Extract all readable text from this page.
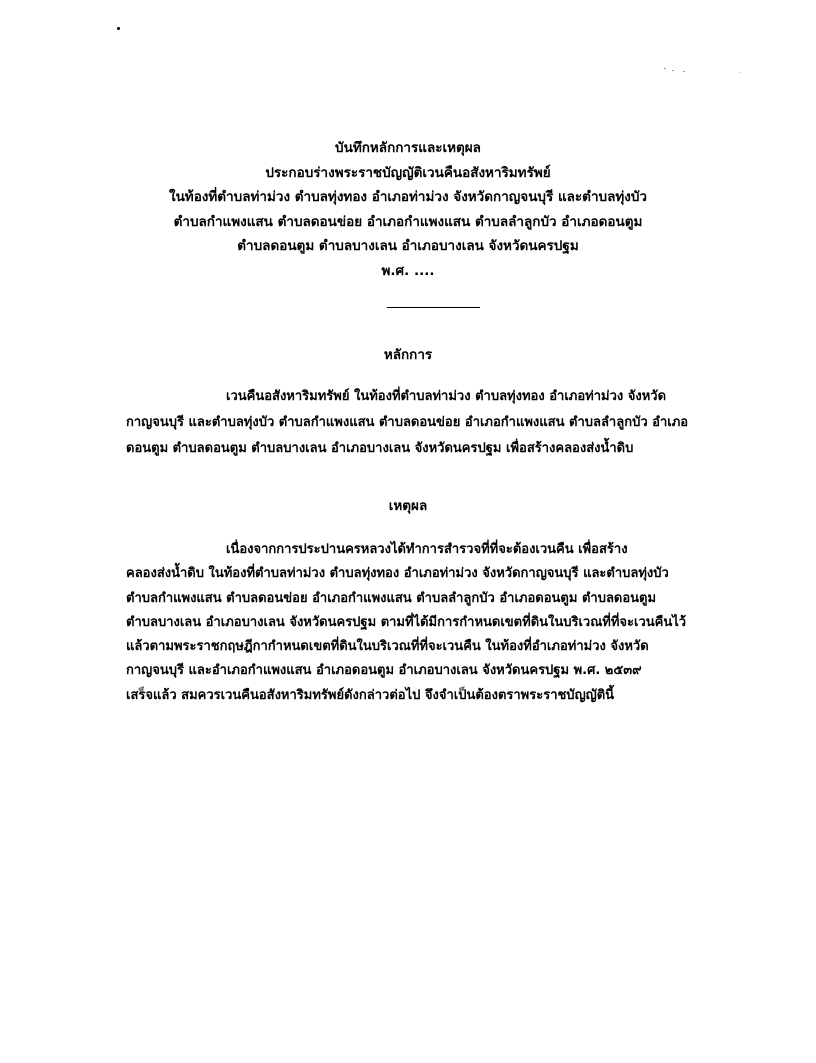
บันทึกหลักการและเหตุผล
ประกอบร่างพระราชบัญญัติเวนคืนอสังหาริมทรัพย์
ในท้องที่ตำบลท่าม่วง ตำบลทุ่งทอง อำเภอท่าม่วง จังหวัดกาญจนบุรี และตำบลทุ่งบัว
ตำบลกำแพงแสน ตำบลดอนข่อย อำเภอกำแพงแสน ตำบลลำลูกบัว อำเภอดอนตูม
ตำบลดอนตูม ตำบลบางเลน อำเภอบางเลน จังหวัดนครปฐม
พ.ศ. ....
หลักการ
เวนคืนอสังหาริมทรัพย์ ในท้องที่ตำบลท่าม่วง ตำบลทุ่งทอง อำเภอท่าม่วง จังหวัด
กาญจนบุรี และตำบลทุ่งบัว ตำบลกำแพงแสน ตำบลดอนข่อย อำเภอกำแพงแสน ตำบลลำลูกบัว อำเภอ
ดอนตูม ตำบลดอนตูม ตำบลบางเลน อำเภอบางเลน จังหวัดนครปฐม เพื่อสร้างคลองส่งน้ำดิบ
เหตุผล
เนื่องจากการประปานครหลวงได้ทำการสำรวจที่ที่จะต้องเวนคืน เพื่อสร้าง
คลองส่งน้ำดิบ ในท้องที่ตำบลท่าม่วง ตำบลทุ่งทอง อำเภอท่าม่วง จังหวัดกาญจนบุรี และตำบลทุ่งบัว
ตำบลกำแพงแสน ตำบลดอนข่อย อำเภอกำแพงแสน ตำบลลำลูกบัว อำเภอดอนตูม ตำบลดอนตูม
ตำบลบางเลน อำเภอบางเลน จังหวัดนครปฐม ตามที่ได้มีการกำหนดเขตที่ดินในบริเวณที่ที่จะเวนคืนไว้
แล้วตามพระราชกฤษฎีกากำหนดเขตที่ดินในบริเวณที่ที่จะเวนคืน ในท้องที่อำเภอท่าม่วง จังหวัด
กาญจนบุรี และอำเภอกำแพงแสน อำเภอดอนตูม อำเภอบางเลน จังหวัดนครปฐม พ.ศ. ๒๕๓๙
เสร็จแล้ว สมควรเวนคืนอสังหาริมทรัพย์ดังกล่าวต่อไป จึงจำเป็นต้องตราพระราชบัญญัตินี้
